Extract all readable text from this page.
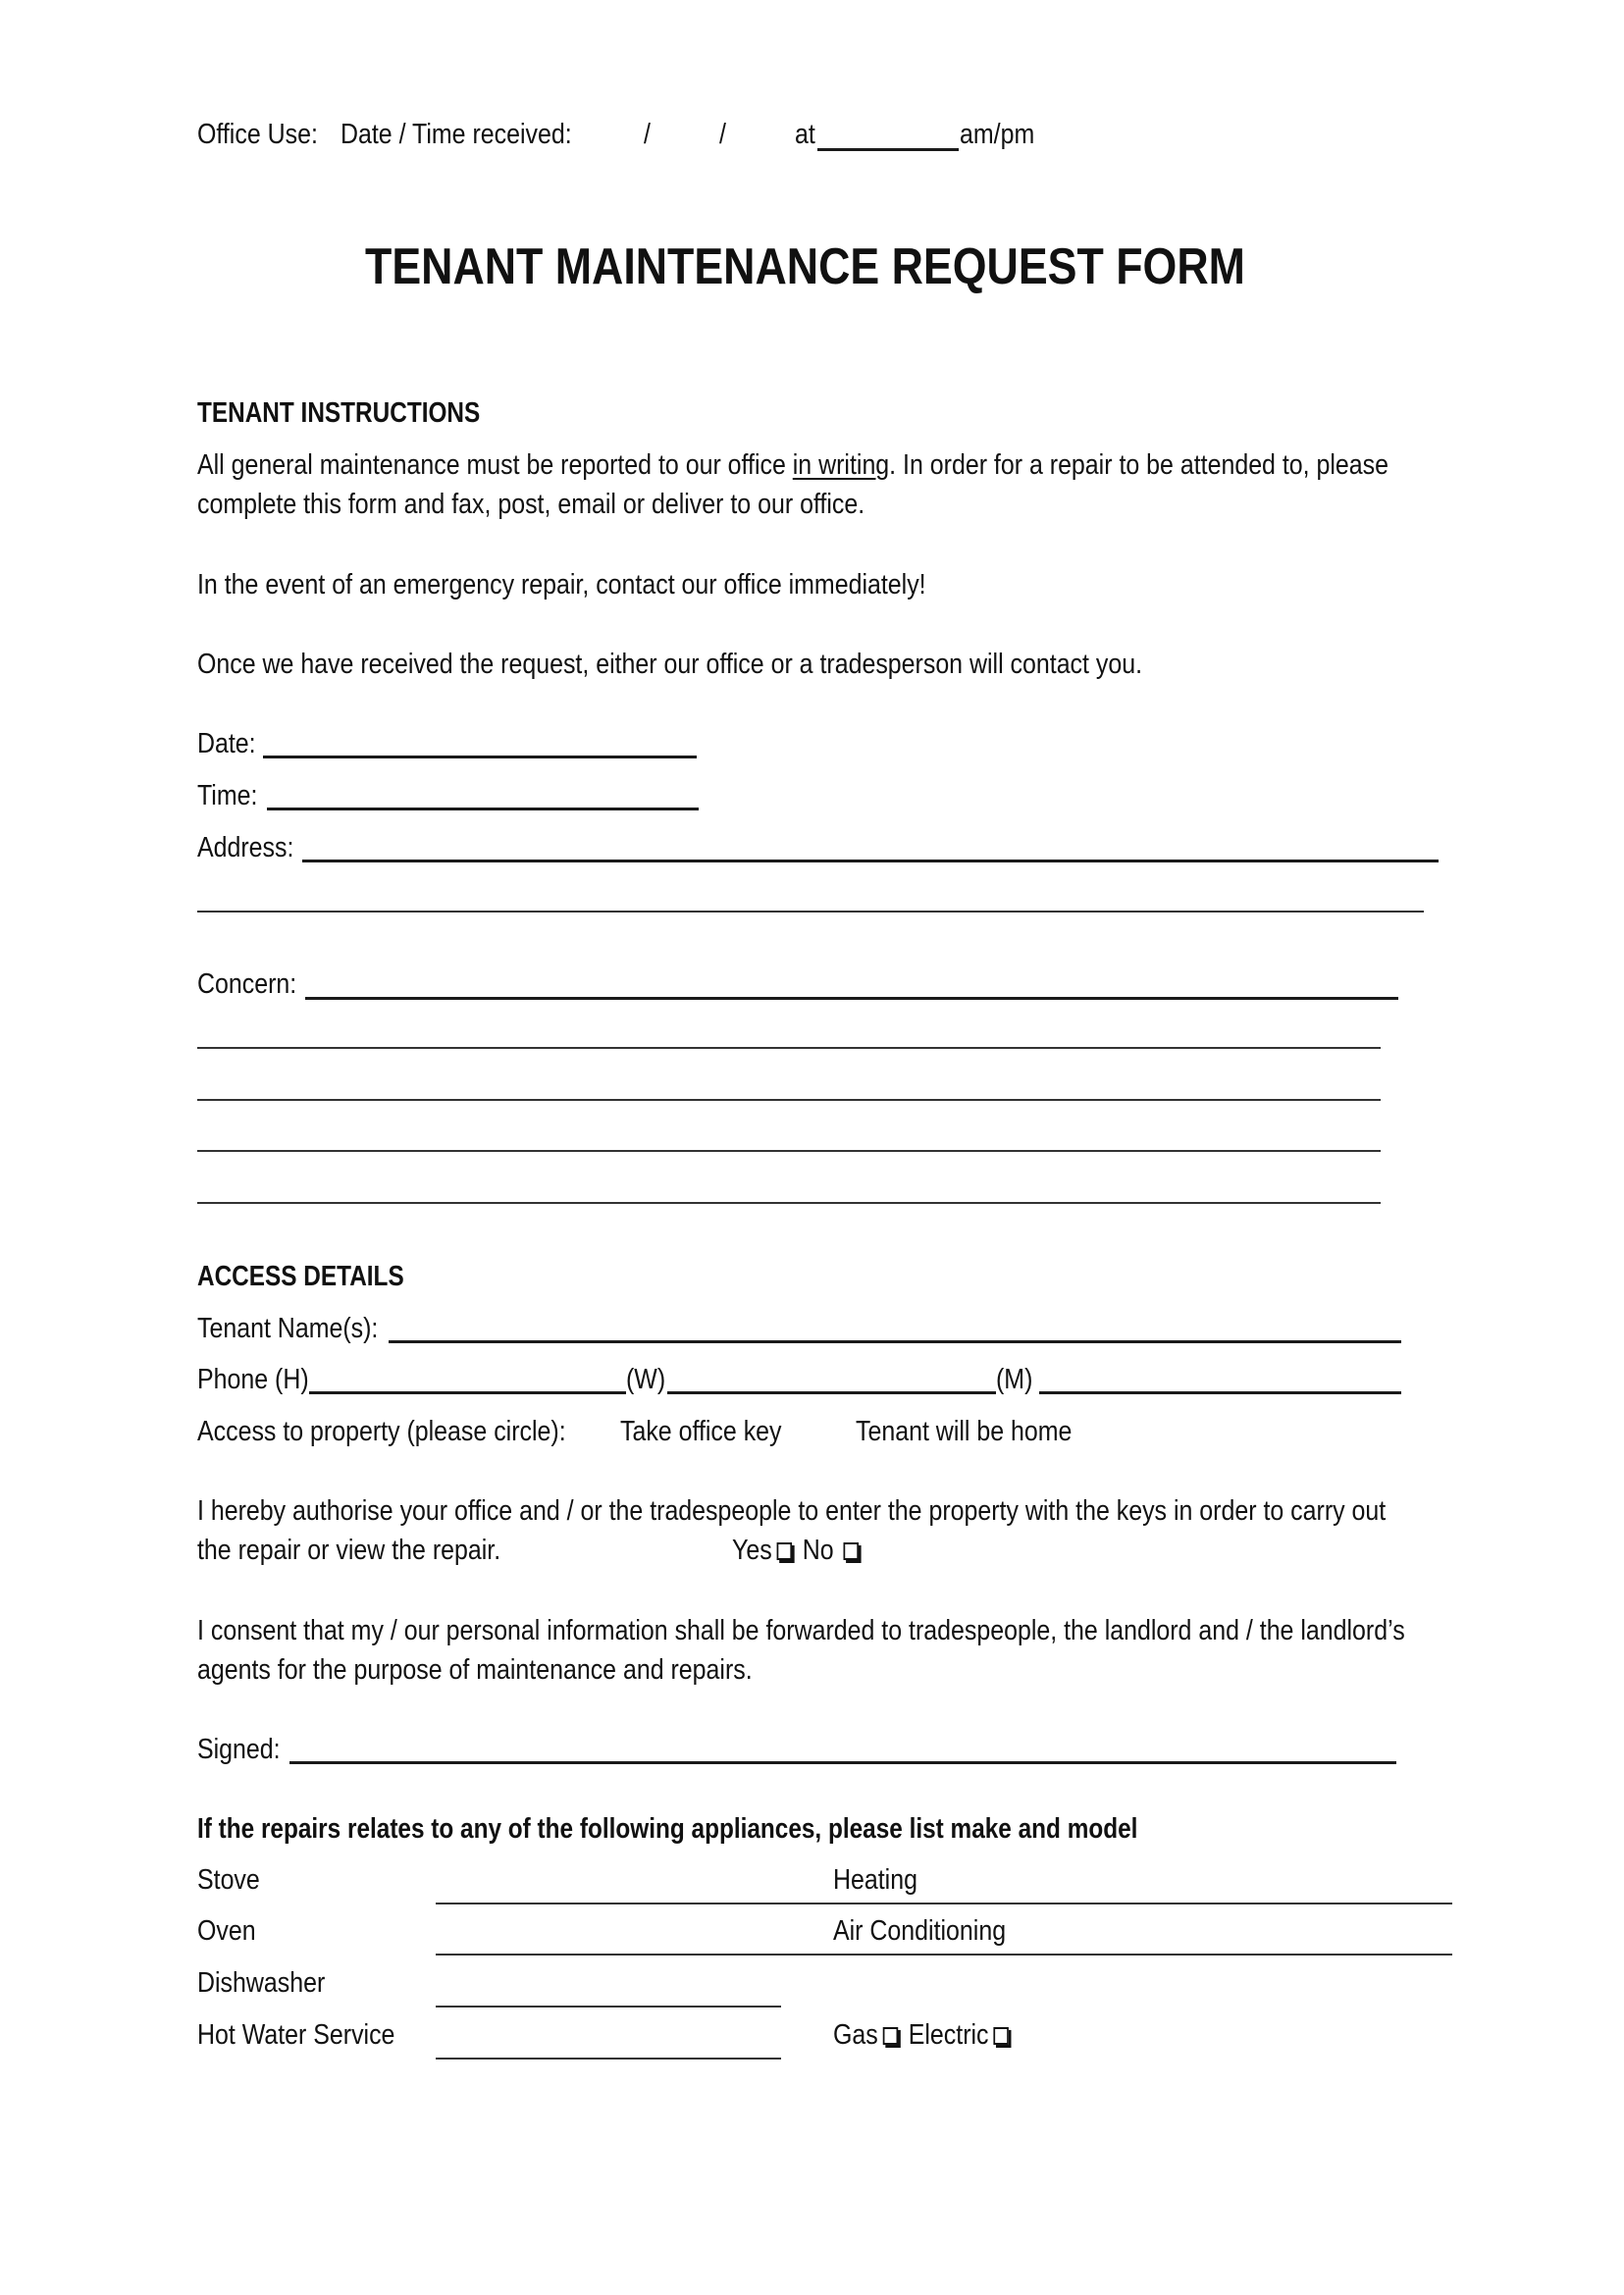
Office Use: Date / Time received:	/ / at	am/pm
TENANT MAINTENANCE REQUEST FORM
TENANT INSTRUCTIONS
All general maintenance must be reported to our office in writing. In order for a repair to be attended to, please
complete this form and fax, post, email or deliver to our office.
In the event of an emergency repair, contact our office immediately!
Once we have received the request, either our office or a tradesperson will contact you.
Date:
Time:
Address:
Concern:
ACCESS DETAILS
Tenant Name(s):
Phone (H)	(W)	(M)
Access to property (please circle): Take office key	Tenant will be home
I hereby authorise your office and / or the tradespeople to enter the property with the keys in order to carry out
the repair or view the repair.	Yes No
I consent that my / our personal information shall be forwarded to tradespeople, the landlord and / the landlord’s
agents for the purpose of maintenance and repairs.
Signed:
If the repairs relates to any of the following appliances, please list make and model
Stove	Heating
Oven	Air Conditioning
Dishwasher
Hot Water Service	Gas Electric
